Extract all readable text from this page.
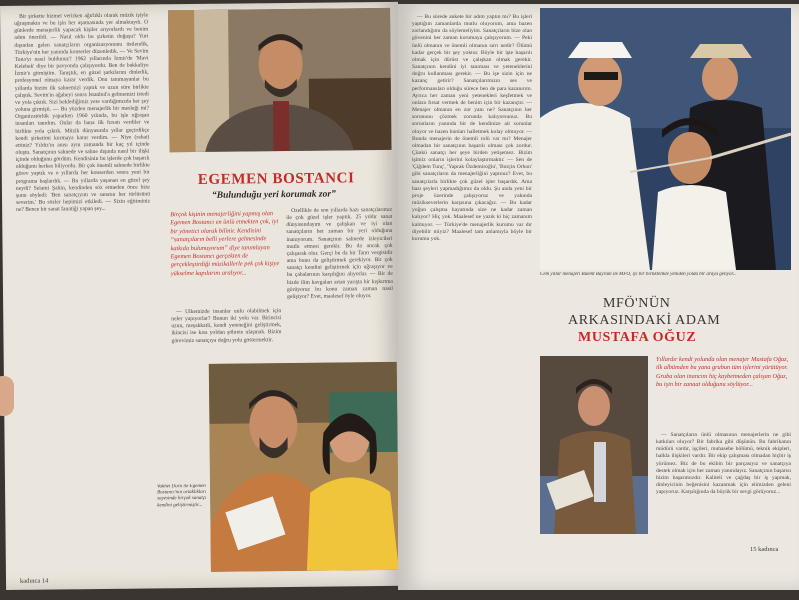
Bir şirkette hizmet verirken ağırlıklı olarak müzik işiyle uğraşmakta ve bu işin her aşamasında yer almaktaydı. O günlerde menajerlik yapacak kişiler arıyorlardı ve benim adım önerildi. — Nasıl oldu bu şirketin doğuşu? Yurt dışından gelen sanatçıların organizasyonunu üstlendik, Türkiye'nin her yanında konserler düzenledik. — Ve Sevim Tuna'yı nasıl buldunuz? 1962 yıllarında İzmir'de 'Mavi Kelebek' diye bir pavyonda çalışıyordu. Ben de bakkaliye İzmir'e gitmiştim. Tanıştık, en güzel şarkılarını dinledik, profesyonel olmaya karar verdik. Onu tanımayanlar bu yıllarda bizim ilk sahnemizi yaptık ve uzun süre birlikte çalıştık. Sevim'in ağabeyi sonra İstanbul'a gelmemizi istedi ve yola çıktık. Sizi beklediğimiz yere vardığımızda her şey yoluna girmişti. — Bu yüzden menajerlik bir mesleği mi? Organizatörlük yaparken 1960 yılında, bu işle uğraşan insanları tanıdım. Onlar da bana ilk fırsatı verdiler ve birlikte yola çıktık. Müzik dünyasında yıllar geçirdikçe kendi şirketimi kurmaya karar verdim. — Niye (rahat) ettiniz? Yıldız'ın anısı aynı zamanda bir kaç yıl içinde oluştu. Sanatçının sahnede ve sahne dışında nasıl bir ilişki içinde olduğunu gördüm. Kendisinin bu işlerde çok başarılı olduğunu herkes biliyordu. Bir çok önemli sahnede birlikte görev yaptık ve o yıllarda her konserden sonra yeni bir programa başlardık. — Bu yıllarda yaşanan en güzel şey neydi? Selami Şahin, kendinden söz etmeden önce bize şunu söyledi: 'Ben sanatçıyım ve sanatın her türlüsünü severim.' Bu sözler hepimizi etkiledi. — Sizin eğitiminiz ne? Bence bir sanat fanatiği yapan şey...

EGEMEN BOSTANCI
“Bulunduğu yeri korumak zor”
Birçok kişinin menajerliğini yapmış olan Egemen Bostancı en ünlü etmekten çok, iyi bir yönetici olarak bilinir. Kendisini “sanatçıların belli yerlere gelmesinde katkıda bulunuyorum” diye tanımlayan Egemen Bostancı gerçekten de gerçekleştirdiği müzikallerle pek çok kişiye yükselme kapılarını aralıyor...

— Ülkemizde insanlar unlu olabilmek için neler yapıyorlar? Bunun iki yolu var. Birincisi uzun, meşakkatli, kendi yeteneğini geliştirmek, ikincisi ise kısa yoldan şöhrete ulaşmak. Bizim görevimiz sanatçıya doğru yolu göstermektir.

Özellikle de son yıllarda bazı sanatçılarımız ile çok güzel işler yaptık. 25 yıldır sanat dünyasındayım ve çalışkan ve iyi olan sanatçıların her zaman bir yeri olduğuna inanıyorum. Sanatçının sahnede izleyicileri mutlu etmesi gerekir. Bu da ancak çok çalışarak olur. Gerçi bu da bir Tanrı vergisidir ama bunu da geliştirmek gerekiyor. Bir çok sanatçı kendini geliştirmek için uğraşıyor ve bu çabalarının karşılığını alıyorlar. — Bir de bizde ilim kavgaları artan yarışta bir kışkırtma görüyoruz bu konu zaman zaman nasıl gelişiyor? Evet, maalesef öyle oluyor.

Vakhet Duru ile Egemen Bostancı'nın ortaklıkları sayesinde birçok sanatçı kendini geliştirmiştir...
kadınca 14

— Bu sürede ankete bir adım yaptın mı? Bu işleri yaptığım zamanlarda mutlu oluyorum, ama bazen zorlandığımı da söylemeliyim. Sanatçıların bize olan güvenini her zaman korumaya çalışıyorum. — Peki ünlü olmanın ve önemli olmanın sırrı nedir? Ölümü kadar gerçek bir şey yoktur. Böyle bir işte başarılı olmak için dürüst ve çalışkan olmak gerekir. Sanatçının kendini iyi tanıması ve yeteneklerini doğru kullanması gerekir. — Bu işe sizin için ne kazanç getirir? Sanatçılarımızın ses ve performansları olduğu sürece ben de para kazanırım. Ayrıca her zaman yeni yetenekleri keşfetmek ve onlara fırsat vermek de benim için bir kazançtır. — Menajer olmanın en zor yanı ne? Sanatçının her sorununu çözmek zorunda kalıyorsunuz. Bu sorunların yanında bir de kendinize ait sorunlar oluyor ve bazen bunları halletmek kolay olmuyor. — Bunda menajerin de önemli rolü var mı? Menajer olmadan bir sanatçının başarılı olması çok zordur. Çünkü sanatçı her şeye birden yetişemez. Bizim işimiz onların işlerini kolaylaştırmaktır. — Sen de 'Çiğdem Tunç', 'Yaprak Özdemiroğlu', 'Burçin Orhon' gibi sanatçıların da menajerliğini yaptınız? Evet, bu sanatçılarla birlikte çok güzel işler başardık. Ama bazı şeyleri yapmadığımız da oldu. Şu anda yeni bir proje üzerinde çalışıyoruz ve yakında müzikseverlerin karşısına çıkacağız. — Bu kadar yoğun çalışma hayatında size ne kadar zaman kalıyor? Hiç yok. Maalesef ne yazık ki hiç zamanım kalmıyor. — Türkiye'de menajerlik kurumu var dır diyebilir miyiz? Maalesef tam anlamıyla böyle bir kurumu yok.

Cem yıllar menajeri Bülent Bayram ile MFÖ, iyi bir birliktelikle yeniden yolda bir araya geliyor...
MFÖ'NÜN
ARKASINDAKİ ADAM
MUSTAFA OĞUZ
Yıllardır kendi yolunda olan menajer Mustafa Oğuz, ilk albümden bu yana grubun tüm işlerini yürütüyor. Gruba olan inancını hiç kaybetmeden çalışan Oğuz, bu işin bir zanaat olduğunu söylüyor...

— Sanatçıların ünlü olmasının menajerlerin ne gibi katkıları oluyor? Bir fabrika gibi düşünün. Bu fabrikanın müdürü vardır, işçileri, muhasebe bölümü, teknik ekipleri, halkla ilişkileri vardır. Bir ekip çalışması olmadan hiçbir iş yürümez. Biz de bu ekibin bir parçasıyız ve sanatçıya destek olmak için her zaman yanındayız. Sanatçının başarısı bizim başarımızdır. Kaliteli ve çağdaş bir iş yapmak, dinleyicinin beğenisini kazanmak için elimizden geleni yapıyoruz. Karşılığında da büyük bir sevgi görüyoruz...

15 kadınca
